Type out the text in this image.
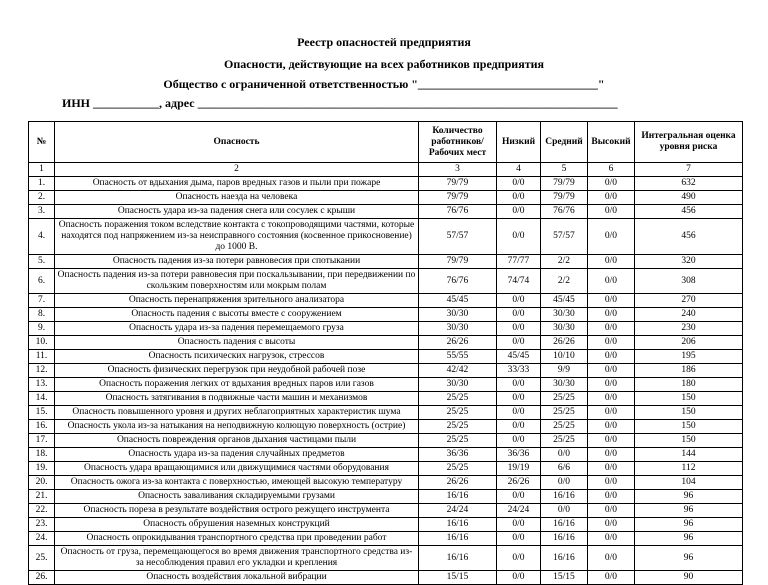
Реестр опасностей предприятия
Опасности, действующие на всех работников предприятия
Общество с ограниченной ответственностью "______________________________"
ИНН ___________, адрес ______________________________________________________________________
№	Опасность	Количество работников/ Рабочих мест	Низкий	Средний	Высокий	Интегральная оценка уровня риска
1	2	3	4	5	6	7
1.	Опасность от вдыхания дыма, паров вредных газов и пыли при пожаре	79/79	0/0	79/79	0/0	632
2.	Опасность наезда на человека	79/79	0/0	79/79	0/0	490
3.	Опасность удара из-за падения снега или сосулек с крыши	76/76	0/0	76/76	0/0	456
4.	Опасность поражения током вследствие контакта с токопроводящими частями, которые находятся под напряжением из-за неисправного состояния (косвенное прикосновение) до 1000 В.	57/57	0/0	57/57	0/0	456
5.	Опасность падения из-за потери равновесия при спотыкании	79/79	77/77	2/2	0/0	320
6.	Опасность падения из-за потери равновесия при поскальзывании, при передвижении по скользким поверхностям или мокрым полам	76/76	74/74	2/2	0/0	308
7.	Опасность перенапряжения зрительного анализатора	45/45	0/0	45/45	0/0	270
8.	Опасность падения с высоты вместе с сооружением	30/30	0/0	30/30	0/0	240
9.	Опасность удара из-за падения перемещаемого груза	30/30	0/0	30/30	0/0	230
10.	Опасность падения с высоты	26/26	0/0	26/26	0/0	206
11.	Опасность психических нагрузок, стрессов	55/55	45/45	10/10	0/0	195
12.	Опасность физических перегрузок при неудобной рабочей позе	42/42	33/33	9/9	0/0	186
13.	Опасность поражения легких от вдыхания вредных паров или газов	30/30	0/0	30/30	0/0	180
14.	Опасность затягивания в подвижные части машин и механизмов	25/25	0/0	25/25	0/0	150
15.	Опасность повышенного уровня и других неблагоприятных характеристик шума	25/25	0/0	25/25	0/0	150
16.	Опасность укола из-за натыкания на неподвижную колющую поверхность (острие)	25/25	0/0	25/25	0/0	150
17.	Опасность повреждения органов дыхания частицами пыли	25/25	0/0	25/25	0/0	150
18.	Опасность удара из-за падения случайных предметов	36/36	36/36	0/0	0/0	144
19.	Опасность удара вращающимися или движущимися частями оборудования	25/25	19/19	6/6	0/0	112
20.	Опасность ожога из-за контакта с поверхностью, имеющей высокую температуру	26/26	26/26	0/0	0/0	104
21.	Опасность заваливания складируемыми грузами	16/16	0/0	16/16	0/0	96
22.	Опасность пореза в результате воздействия острого режущего инструмента	24/24	24/24	0/0	0/0	96
23.	Опасность обрушения наземных конструкций	16/16	0/0	16/16	0/0	96
24.	Опасность опрокидывания транспортного средства при проведении работ	16/16	0/0	16/16	0/0	96
25.	Опасность от груза, перемещающегося во время движения транспортного средства из-за несоблюдения правил его укладки и крепления	16/16	0/0	16/16	0/0	96
26.	Опасность воздействия локальной вибрации	15/15	0/0	15/15	0/0	90
